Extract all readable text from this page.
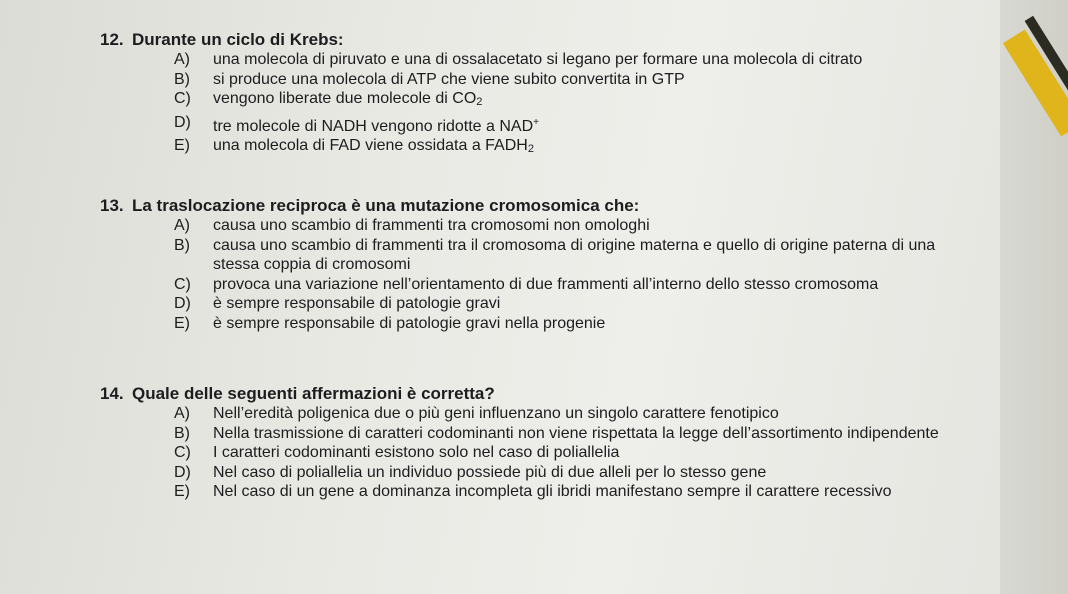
12. Durante un ciclo di Krebs:
A) una molecola di piruvato e una di ossalacetato si legano per formare una molecola di citrato
B) si produce una molecola di ATP che viene subito convertita in GTP
C) vengono liberate due molecole di $CO_2$
D) tre molecole di NADH vengono ridotte a NAD+
E) una molecola di FAD viene ossidata a $FADH_2$
13. La traslocazione reciproca è una mutazione cromosomica che:
A) causa uno scambio di frammenti tra cromosomi non omologhi
B) causa uno scambio di frammenti tra il cromosoma di origine materna e quello di origine paterna di una stessa coppia di cromosomi
C) provoca una variazione nell’orientamento di due frammenti all’interno dello stesso cromosoma
D) è sempre responsabile di patologie gravi
E) è sempre responsabile di patologie gravi nella progenie
14. Quale delle seguenti affermazioni è corretta?
A) Nell’eredità poligenica due o più geni influenzano un singolo carattere fenotipico
B) Nella trasmissione di caratteri codominanti non viene rispettata la legge dell’assortimento indipendente
C) I caratteri codominanti esistono solo nel caso di poliallelia
D) Nel caso di poliallelia un individuo possiede più di due alleli per lo stesso gene
E) Nel caso di un gene a dominanza incompleta gli ibridi manifestano sempre il carattere recessivo
